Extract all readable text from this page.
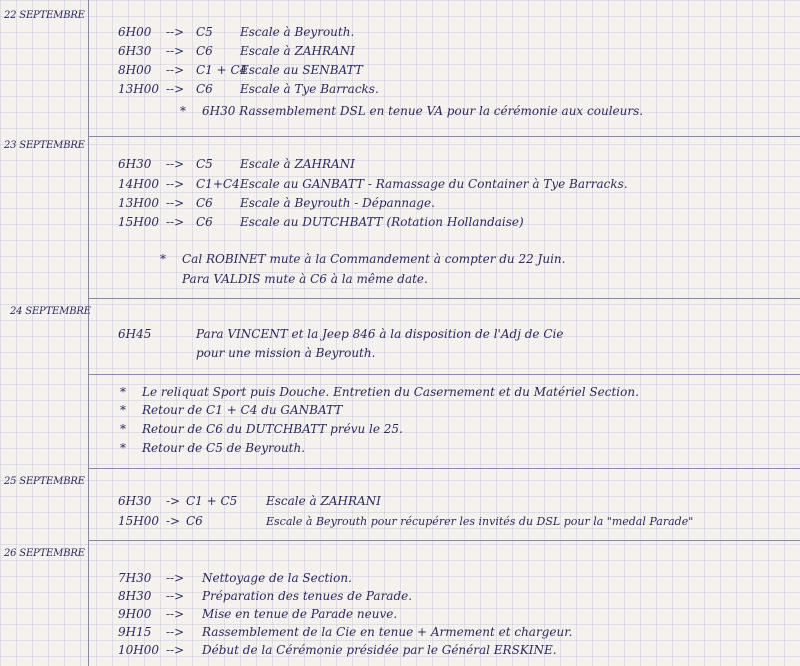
22 SEPTEMBRE
6H00 --> C5 Escale à Beyrouth.
6H30 --> C6 Escale à ZAHRANI
8H00 --> C1 + C4Escale au SENBATT
13H00 --> C6 Escale à Tye Barracks.
* 6H30 Rassemblement DSL en tenue VA pour la cérémonie aux couleurs.
23 SEPTEMBRE
6H30 --> C5 Escale à ZAHRANI
14H00 --> C1+C4Escale au GANBATT - Ramassage du Container à Tye Barracks.
13H00 --> C6 Escale à Beyrouth - Dépannage.
15H00 --> C6 Escale au DUTCHBATT (Rotation Hollandaise)
* Cal ROBINET mute à la Commandement à compter du 22 Juin.
Para VALDIS mute à C6 à la même date.
24 SEPTEMBRE
6H45	Para VINCENT et la Jeep 846 à la disposition de l'Adj de Cie
pour une mission à Beyrouth.
* Le reliquat Sport puis Douche. Entretien du Casernement et du Matériel Section.
* Retour de C1 + C4 du GANBATT
* Retour de C6 du DUTCHBATT prévu le 25.
* Retour de C5 de Beyrouth.
25 SEPTEMBRE
6H30 -> C1 + C5 Escale à ZAHRANI
15H00 -> C6	Escale à Beyrouth pour récupérer les invités du DSL pour la "medal Parade"
26 SEPTEMBRE
7H30 --> Nettoyage de la Section.
8H30 --> Préparation des tenues de Parade.
9H00 --> Mise en tenue de Parade neuve.
9H15 --> Rassemblement de la Cie en tenue + Armement et chargeur.
10H00 --> Début de la Cérémonie présidée par le Général ERSKINE.
